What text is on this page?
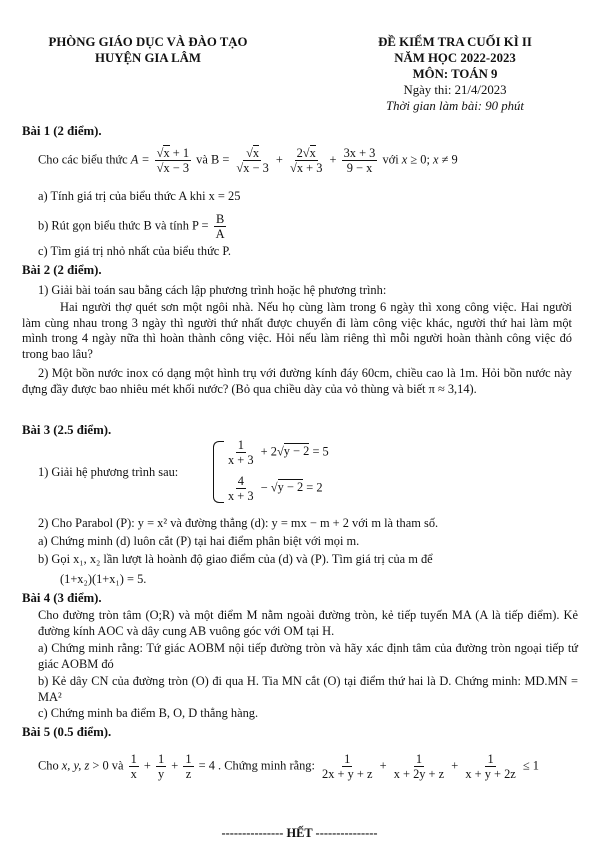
PHÒNG GIÁO DỤC VÀ ĐÀO TẠO
HUYỆN GIA LÂM
ĐỀ KIỂM TRA CUỐI KÌ II
NĂM HỌC 2022-2023
MÔN: TOÁN 9
Ngày thi: 21/4/2023
Thời gian làm bài: 90 phút
Bài 1 (2 điểm).
Cho các biểu thức $A = \frac{√x + 1}{√x - 3}$ và $B = \frac{√x}{√x - 3} + \frac{2√x}{√x + 3} + \frac{3x + 3}{9 - x}$ với x ≥ 0; x ≠ 9
a) Tính giá trị của biểu thức A khi x = 25
b) Rút gọn biểu thức B và tính $P = \frac{B}{A}$
c) Tìm giá trị nhỏ nhất của biểu thức P.
Bài 2 (2 điểm).
1) Giải bài toán sau bằng cách lập phương trình hoặc hệ phương trình:
Hai người thợ quét sơn một ngôi nhà. Nếu họ cùng làm trong 6 ngày thì xong công việc. Hai người làm cùng nhau trong 3 ngày thì người thứ nhất được chuyển đi làm công việc khác, người thứ hai làm một mình trong 4 ngày nữa thì hoàn thành công việc. Hỏi nếu làm riêng thì mỗi người hoàn thành công việc đó trong bao lâu?
2) Một bồn nước inox có dạng một hình trụ với đường kính đáy 60cm, chiều cao là 1m. Hỏi bồn nước này đựng đầy được bao nhiêu mét khối nước? (Bỏ qua chiều dày của vỏ thùng và biết π ≈ 3,14).
Bài 3 (2.5 điểm).
1) Giải hệ phương trình sau:
$\frac{1}{x + 3} + 2√y - 2 = 5$
$\frac{4}{x + 3} - √y - 2 = 2$
2) Cho Parabol (P): y = x² và đường thẳng (d): y = mx − m + 2 với m là tham số.
a) Chứng minh (d) luôn cắt (P) tại hai điểm phân biệt với mọi m.
b) Gọi x₁, x₂ lần lượt là hoành độ giao điểm của (d) và (P). Tìm giá trị của m để
(1+x₂)(1+x₁) = 5.
Bài 4 (3 điểm).
Cho đường tròn tâm (O;R) và một điểm M nằm ngoài đường tròn, kẻ tiếp tuyến MA (A là tiếp điểm). Kẻ đường kính AOC và dây cung AB vuông góc với OM tại H.
a) Chứng minh rằng: Tứ giác AOBM nội tiếp đường tròn và hãy xác định tâm của đường tròn ngoại tiếp tứ giác AOBM đó
b) Kẻ dây CN của đường tròn (O) đi qua H. Tia MN cắt (O) tại điểm thứ hai là D. Chứng minh: MD.MN = MA²
c) Chứng minh ba điểm B, O, D thẳng hàng.
Bài 5 (0.5 điểm).
Cho x, y, z > 0 và $\frac{1}{x} + \frac{1}{y} + \frac{1}{z} = 4$ . Chứng minh rằng: $\frac{1}{2x + y + z} + \frac{1}{x + 2y + z} + \frac{1}{x + y + 2z} \le 1$
--------------- HẾT ---------------
